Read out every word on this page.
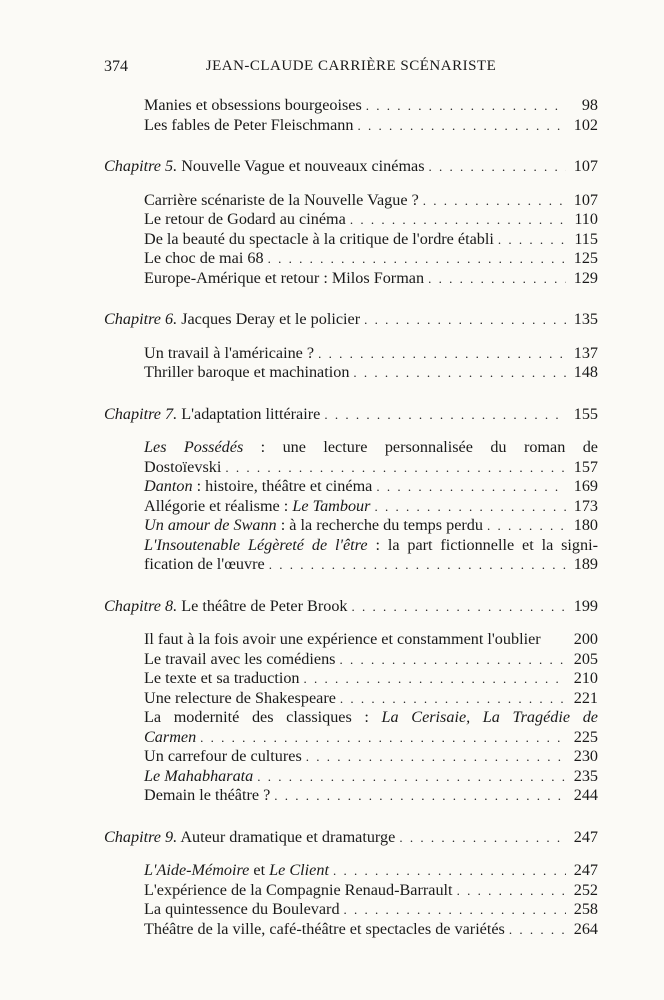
374	JEAN-CLAUDE CARRIÈRE SCÉNARISTE
Manies et obsessions bourgeoises . . .	98
Les fables de Peter Fleischmann . . .	102
Chapitre 5. Nouvelle Vague et nouveaux cinémas . . .	107
Carrière scénariste de la Nouvelle Vague ? . . .	107
Le retour de Godard au cinéma . . .	110
De la beauté du spectacle à la critique de l'ordre établi . . .	115
Le choc de mai 68 . . .	125
Europe-Amérique et retour : Milos Forman . . .	129
Chapitre 6. Jacques Deray et le policier . . .	135
Un travail à l'américaine ? . . .	137
Thriller baroque et machination . . .	148
Chapitre 7. L'adaptation littéraire . . .	155
Les Possédés : une lecture personnalisée du roman de
Dostoïevski . . .	157
Danton : histoire, théâtre et cinéma . . .	169
Allégorie et réalisme : Le Tambour . . .	173
Un amour de Swann : à la recherche du temps perdu . . .	180
L'Insoutenable Légèreté de l'être : la part fictionnelle et la signi-
fication de l'œuvre . . .	189
Chapitre 8. Le théâtre de Peter Brook . . .	199
Il faut à la fois avoir une expérience et constamment l'oublier 200
Le travail avec les comédiens . . .	205
Le texte et sa traduction . . .	210
Une relecture de Shakespeare . . .	221
La modernité des classiques : La Cerisaie, La Tragédie de
Carmen . . .	225
Un carrefour de cultures . . .	230
Le Mahabharata . . .	235
Demain le théâtre ? . . .	244
Chapitre 9. Auteur dramatique et dramaturge . . .	247
L'Aide-Mémoire et Le Client . . .	247
L'expérience de la Compagnie Renaud-Barrault . . .	252
La quintessence du Boulevard . . .	258
Théâtre de la ville, café-théâtre et spectacles de variétés . . .	264
